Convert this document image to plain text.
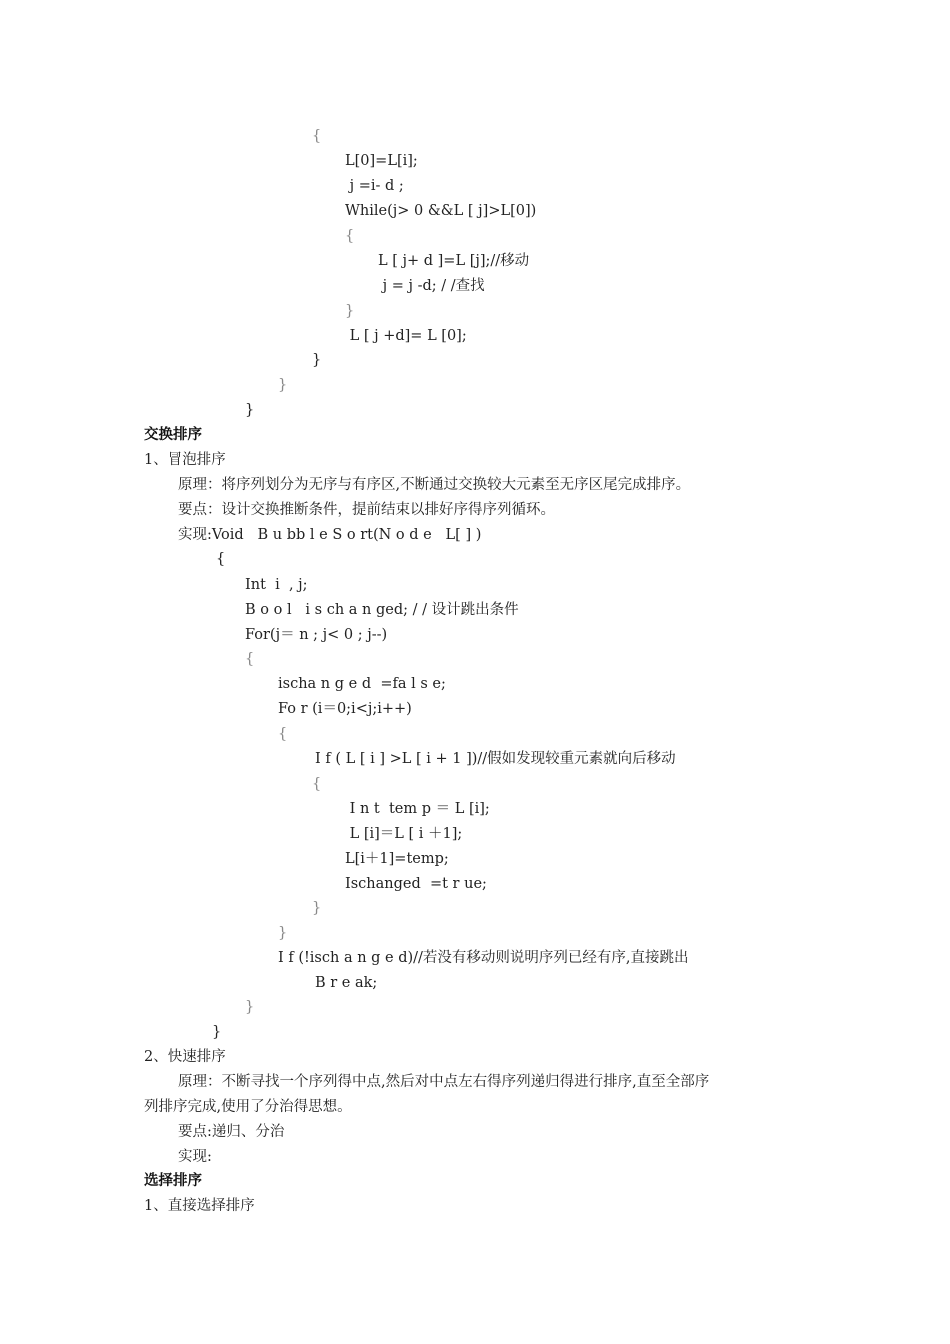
{
L[0]=L[i];
j =i- d ;
While(j> 0 &&L [ j]>L[0])
{
L [ j+ d ]=L [j];//移动
j = j -d; / /查找
}
L [ j +d]= L [0];
}
}
}
交换排序
1、冒泡排序
原理：将序列划分为无序与有序区,不断通过交换较大元素至无序区尾完成排序。
要点：设计交换推断条件，提前结束以排好序得序列循环。
实现:Void   B u bb l e S o rt(N o d e   L[ ] )
{
Int  i  , j;
B o o l   i s ch a n ged; / / 设计跳出条件
For(j＝ n ; j< 0 ; j--)
{
ischa n g e d  =fa l s e;
Fo r (i＝0;i<j;i++)
{
I f ( L [ i ] >L [ i + 1 ])//假如发现较重元素就向后移动
{
I n t  tem p ＝ L [i];
L [i]＝L [ i ＋1];
L[i＋1]=temp;
Ischanged  =t r ue;
}
}
I f (!isch a n g e d)//若没有移动则说明序列已经有序,直接跳出
B r e ak;
}
}
2、快速排序
原理：不断寻找一个序列得中点,然后对中点左右得序列递归得进行排序,直至全部序
列排序完成,使用了分治得思想。
要点:递归、分治
实现:
选择排序
1、直接选择排序
